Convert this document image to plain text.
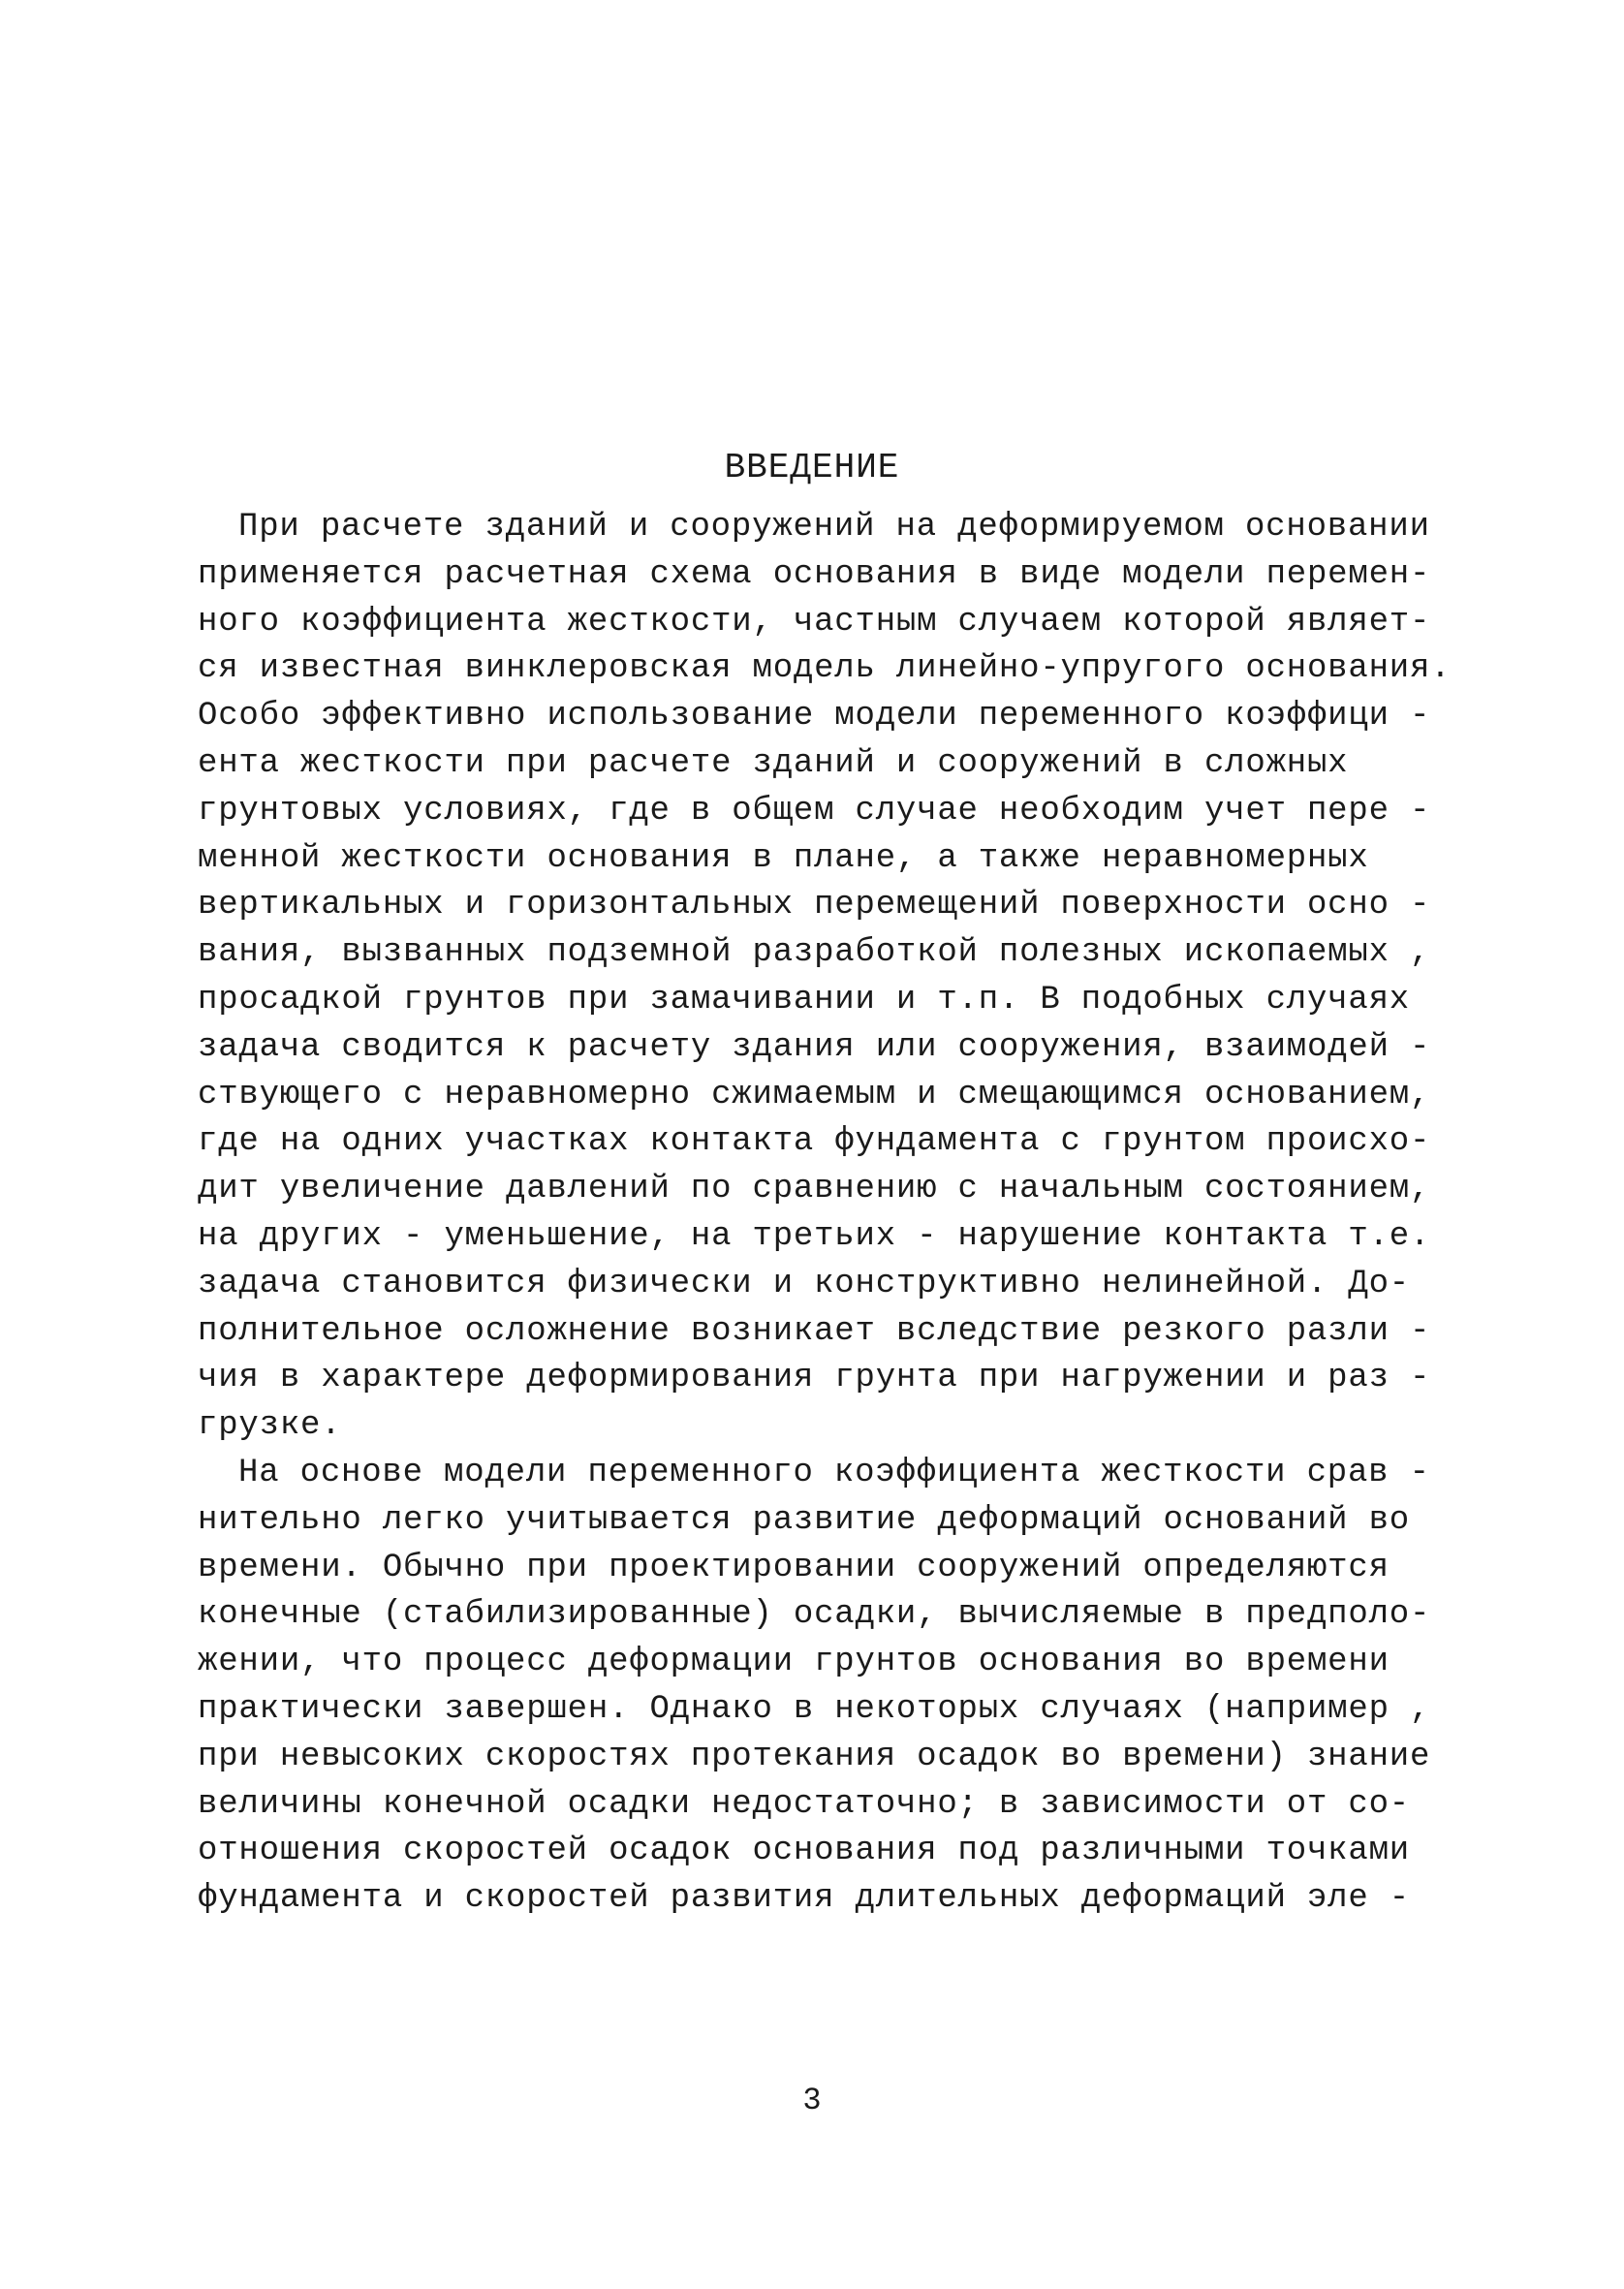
ВВЕДЕНИЕ
При расчете зданий и сооружений на деформируемом основании
применяется расчетная схема основания в виде модели перемен-
ного коэффициента жесткости, частным случаем которой являет-
ся известная винклеровская модель линейно-упругого основания.
Особо эффективно использование модели переменного коэффици -
ента жесткости при расчете зданий и сооружений в сложных
грунтовых условиях, где в общем случае необходим учет пере -
менной жесткости основания в плане, а также неравномерных
вертикальных и горизонтальных перемещений поверхности осно -
вания, вызванных подземной разработкой полезных ископаемых ,
просадкой грунтов при замачивании и т.п. В подобных случаях
задача сводится к расчету здания или сооружения, взаимодей -
ствующего с неравномерно сжимаемым и смещающимся основанием,
где на одних участках контакта фундамента с грунтом происхо-
дит увеличение давлений по сравнению с начальным состоянием,
на других - уменьшение, на третьих - нарушение контакта т.е.
задача становится физически и конструктивно нелинейной. До-
полнительное осложнение возникает вследствие резкого разли -
чия в характере деформирования грунта при нагружении и раз -
грузке.
На основе модели переменного коэффициента жесткости срав -
нительно легко учитывается развитие деформаций оснований во
времени. Обычно при проектировании сооружений определяются
конечные (стабилизированные) осадки, вычисляемые в предполо-
жении, что процесс деформации грунтов основания во времени
практически завершен. Однако в некоторых случаях (например ,
при невысоких скоростях протекания осадок во времени) знание
величины конечной осадки недостаточно; в зависимости от со-
отношения скоростей осадок основания под различными точками
фундамента и скоростей развития длительных деформаций эле -
3
